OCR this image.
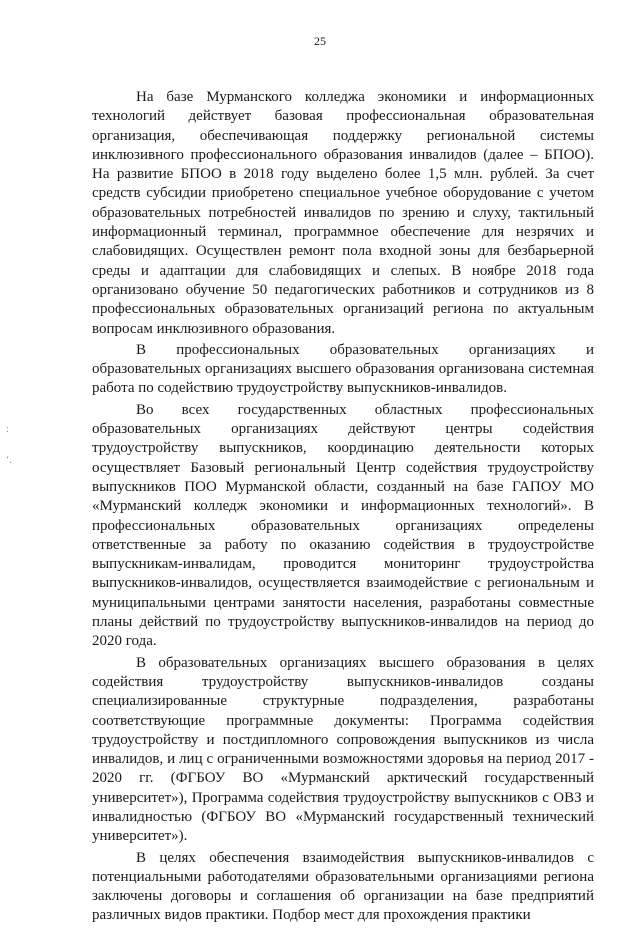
25
:
ʻ.

На базе Мурманского колледжа экономики и информационных технологий действует базовая профессиональная образовательная организация, обеспечивающая поддержку региональной системы инклюзивного профессионального образования инвалидов (далее – БПОО). На развитие БПОО в 2018 году выделено более 1,5 млн. рублей. За счет средств субсидии приобретено специальное учебное оборудование с учетом образовательных потребностей инвалидов по зрению и слуху, тактильный информационный терминал, программное обеспечение для незрячих и слабовидящих. Осуществлен ремонт пола входной зоны для безбарьерной среды и адаптации для слабовидящих и слепых. В ноябре 2018 года организовано обучение 50 педагогических работников и сотрудников из 8 профессиональных образовательных организаций региона по актуальным вопросам инклюзивного образования.

В профессиональных образовательных организациях и образовательных организациях высшего образования организована системная работа по содействию трудоустройству выпускников-инвалидов.

Во всех государственных областных профессиональных образовательных организациях действуют центры содействия трудоустройству выпускников, координацию деятельности которых осуществляет Базовый региональный Центр содействия трудоустройству выпускников ПОО Мурманской области, созданный на базе ГАПОУ МО «Мурманский колледж экономики и информационных технологий». В профессиональных образовательных организациях определены ответственные за работу по оказанию содействия в трудоустройстве выпускникам-инвалидам, проводится мониторинг трудоустройства выпускников-инвалидов, осуществляется взаимодействие с региональным и муниципальными центрами занятости населения, разработаны совместные планы действий по трудоустройству выпускников-инвалидов на период до 2020 года.

В образовательных организациях высшего образования в целях содействия трудоустройству выпускников-инвалидов созданы специализированные структурные подразделения, разработаны соответствующие программные документы: Программа содействия трудоустройству и постдипломного сопровождения выпускников из числа инвалидов, и лиц с ограниченными возможностями здоровья на период 2017 - 2020 гг. (ФГБОУ ВО «Мурманский арктический государственный университет»), Программа содействия трудоустройству выпускников с ОВЗ и инвалидностью (ФГБОУ ВО «Мурманский государственный технический университет»).

В целях обеспечения взаимодействия выпускников-инвалидов с потенциальными работодателями образовательными организациями региона заключены договоры и соглашения об организации на базе предприятий различных видов практики. Подбор мест для прохождения практики
